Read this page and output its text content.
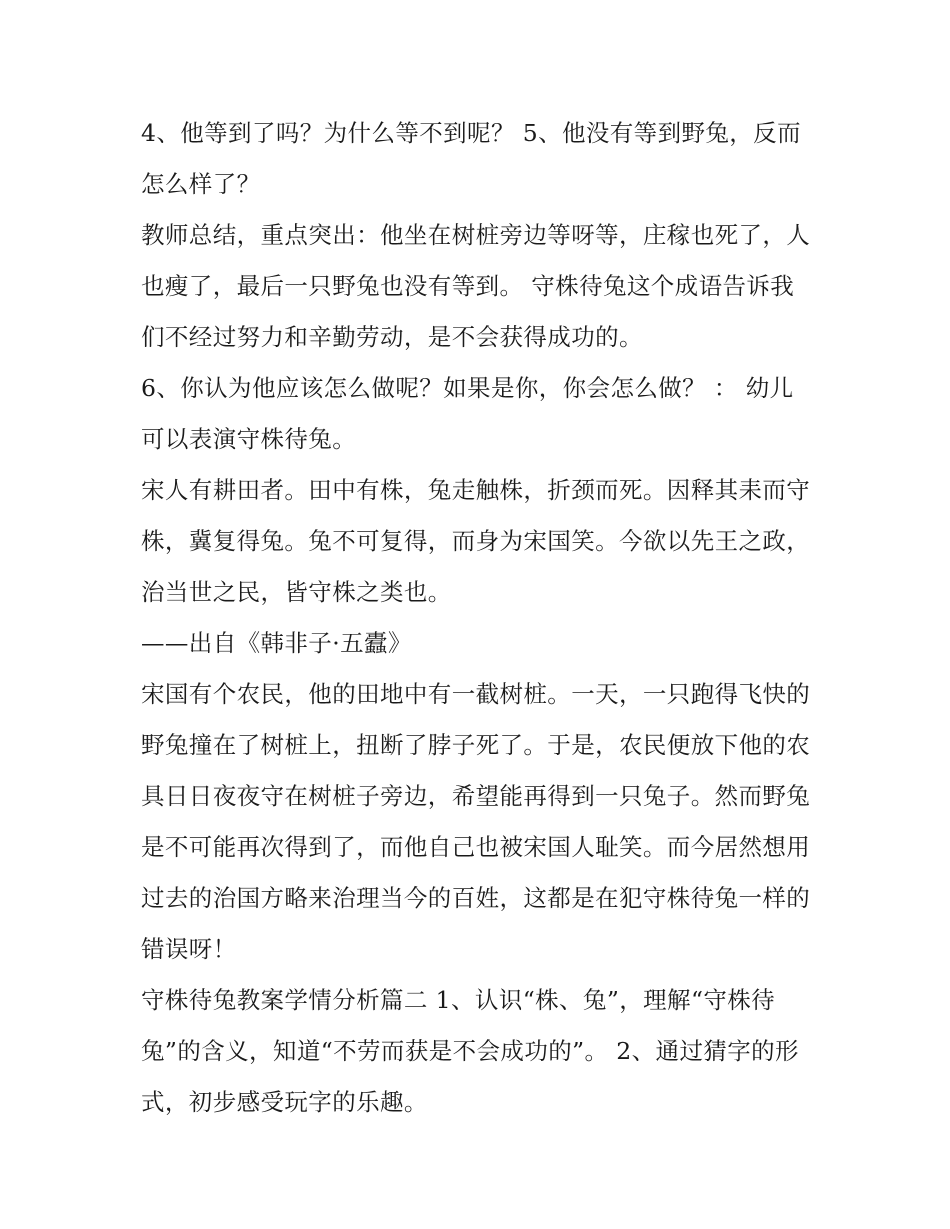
4、他等到了吗？为什么等不到呢？ 5、他没有等到野兔，反而怎么样了？

教师总结，重点突出：他坐在树桩旁边等呀等，庄稼也死了，人也瘦了，最后一只野兔也没有等到。 守株待兔这个成语告诉我们不经过努力和辛勤劳动，是不会获得成功的。

6、你认为他应该怎么做呢？如果是你，你会怎么做？ ： 幼儿可以表演守株待兔。

宋人有耕田者。田中有株，兔走触株，折颈而死。因释其耒而守株，冀复得兔。兔不可复得，而身为宋国笑。今欲以先王之政，治当世之民，皆守株之类也。

——出自《韩非子·五蠹》

宋国有个农民，他的田地中有一截树桩。一天，一只跑得飞快的野兔撞在了树桩上，扭断了脖子死了。于是，农民便放下他的农具日日夜夜守在树桩子旁边，希望能再得到一只兔子。然而野兔是不可能再次得到了，而他自己也被宋国人耻笑。而今居然想用过去的治国方略来治理当今的百姓，这都是在犯守株待兔一样的错误呀！

守株待兔教案学情分析篇二 1、认识“株、兔”，理解“守株待兔”的含义，知道“不劳而获是不会成功的”。 2、通过猜字的形式，初步感受玩字的乐趣。
